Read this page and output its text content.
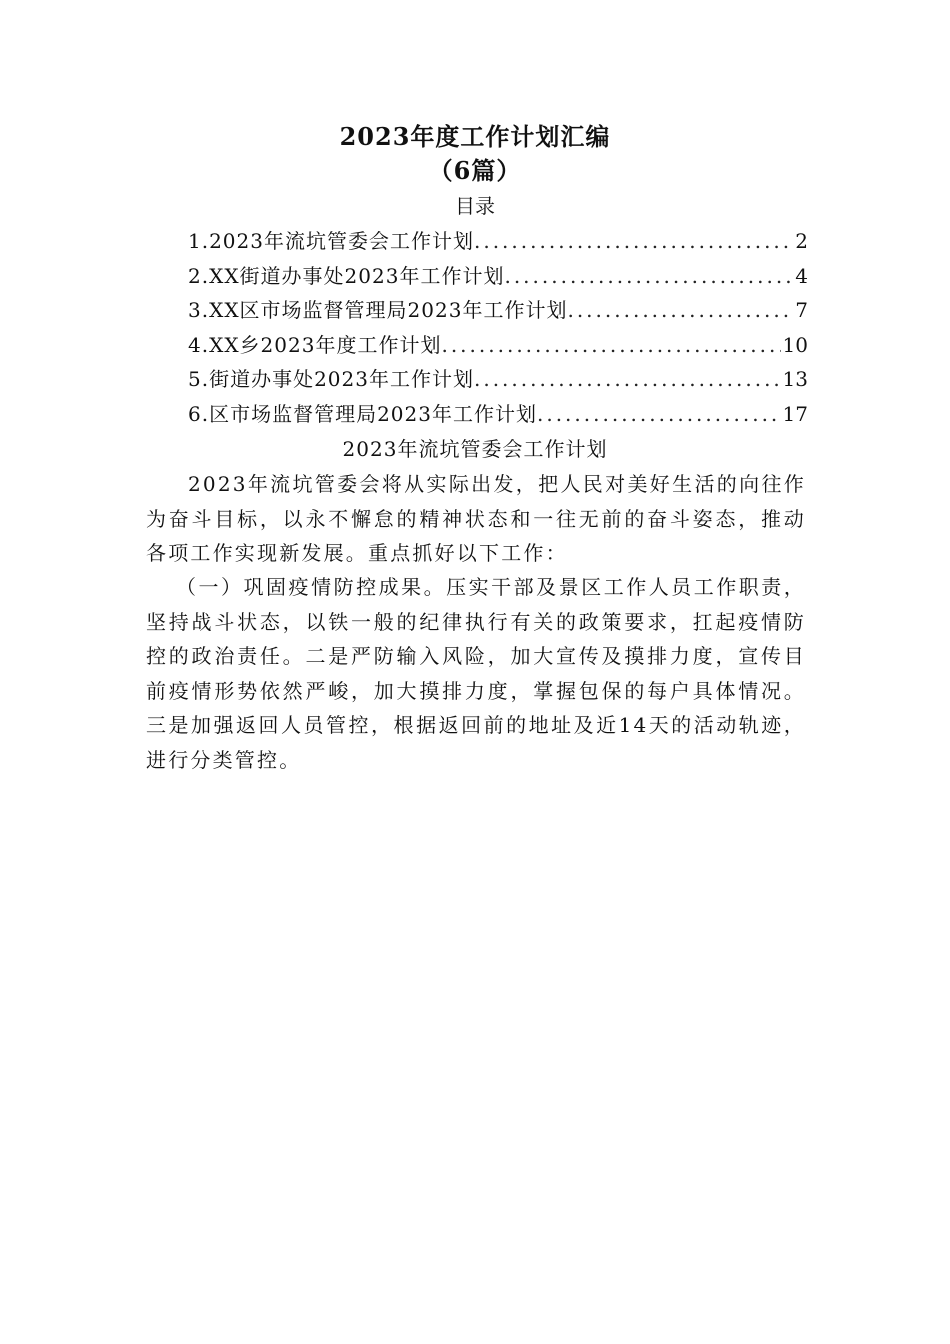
2023年度工作计划汇编
（6篇）
目录
1.2023年流坑管委会工作计划 .....	2
2.XX街道办事处2023年工作计划 .....	4
3.XX区市场监督管理局2023年工作计划 .....	7
4.XX乡2023年度工作计划 .....	10
5.街道办事处2023年工作计划 .....	13
6.区市场监督管理局2023年工作计划 .....	17
2023年流坑管委会工作计划

2023年流坑管委会将从实际出发，把人民对美好生活的向往作为奋斗目标，以永不懈怠的精神状态和一往无前的奋斗姿态，推动各项工作实现新发展。重点抓好以下工作：

（一）巩固疫情防控成果。压实干部及景区工作人员工作职责，坚持战斗状态，以铁一般的纪律执行有关的政策要求，扛起疫情防控的政治责任。二是严防输入风险，加大宣传及摸排力度，宣传目前疫情形势依然严峻，加大摸排力度，掌握包保的每户具体情况。三是加强返回人员管控，根据返回前的地址及近14天的活动轨迹，进行分类管控。
